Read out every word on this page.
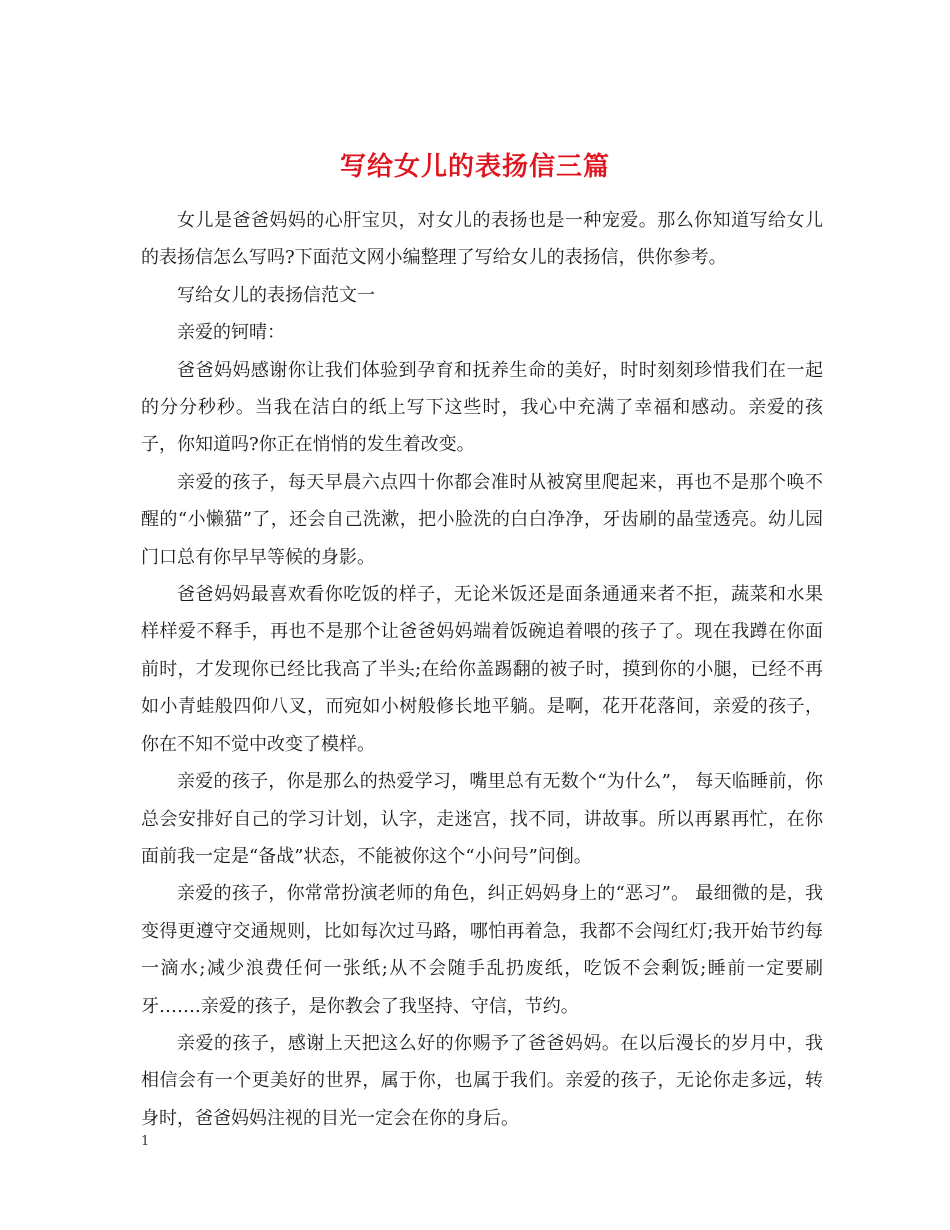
写给女儿的表扬信三篇

女儿是爸爸妈妈的心肝宝贝，对女儿的表扬也是一种宠爱。那么你知道写给女儿的表扬信怎么写吗?下面范文网小编整理了写给女儿的表扬信，供你参考。

写给女儿的表扬信范文一

亲爱的钶晴：

爸爸妈妈感谢你让我们体验到孕育和抚养生命的美好，时时刻刻珍惜我们在一起的分分秒秒。当我在洁白的纸上写下这些时，我心中充满了幸福和感动。亲爱的孩子，你知道吗?你正在悄悄的发生着改变。

亲爱的孩子，每天早晨六点四十你都会准时从被窝里爬起来，再也不是那个唤不醒的“小懒猫”了，还会自己洗漱，把小脸洗的白白净净，牙齿刷的晶莹透亮。幼儿园门口总有你早早等候的身影。

爸爸妈妈最喜欢看你吃饭的样子，无论米饭还是面条通通来者不拒，蔬菜和水果样样爱不释手，再也不是那个让爸爸妈妈端着饭碗追着喂的孩子了。现在我蹲在你面前时，才发现你已经比我高了半头;在给你盖踢翻的被子时，摸到你的小腿，已经不再如小青蛙般四仰八叉，而宛如小树般修长地平躺。是啊，花开花落间，亲爱的孩子，你在不知不觉中改变了模样。

亲爱的孩子，你是那么的热爱学习，嘴里总有无数个“为什么”， 每天临睡前，你总会安排好自己的学习计划，认字，走迷宫，找不同，讲故事。所以再累再忙，在你面前我一定是“备战”状态，不能被你这个“小问号”问倒。

亲爱的孩子，你常常扮演老师的角色，纠正妈妈身上的“恶习”。 最细微的是，我变得更遵守交通规则，比如每次过马路，哪怕再着急，我都不会闯红灯;我开始节约每一滴水;减少浪费任何一张纸;从不会随手乱扔废纸，吃饭不会剩饭;睡前一定要刷牙…….亲爱的孩子，是你教会了我坚持、守信，节约。

亲爱的孩子，感谢上天把这么好的你赐予了爸爸妈妈。在以后漫长的岁月中，我相信会有一个更美好的世界，属于你，也属于我们。亲爱的孩子，无论你走多远，转身时，爸爸妈妈注视的目光一定会在你的身后。

1
